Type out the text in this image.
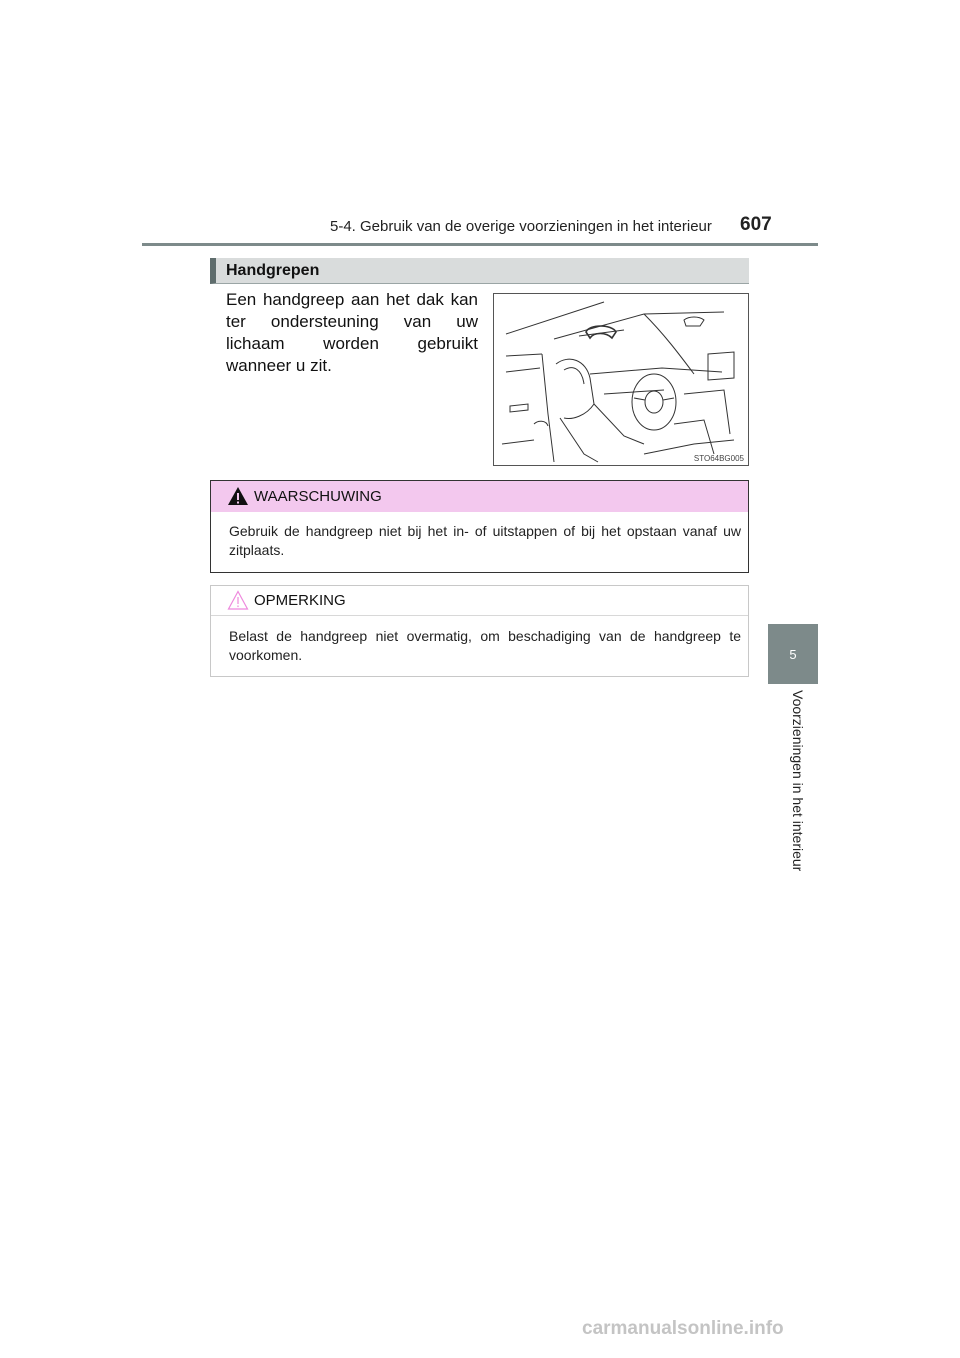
5-4. Gebruik van de overige voorzieningen in het interieur 607
5
Voorzieningen in het interieur
Handgrepen
Een handgreep aan het dak kan ter ondersteuning van uw lichaam worden gebruikt wanneer u zit.
STO64BG005
WAARSCHUWING
Gebruik de handgreep niet bij het in- of uitstappen of bij het opstaan vanaf uw zitplaats.
OPMERKING
Belast de handgreep niet overmatig, om beschadiging van de handgreep te voorkomen.
carmanualsonline.info
